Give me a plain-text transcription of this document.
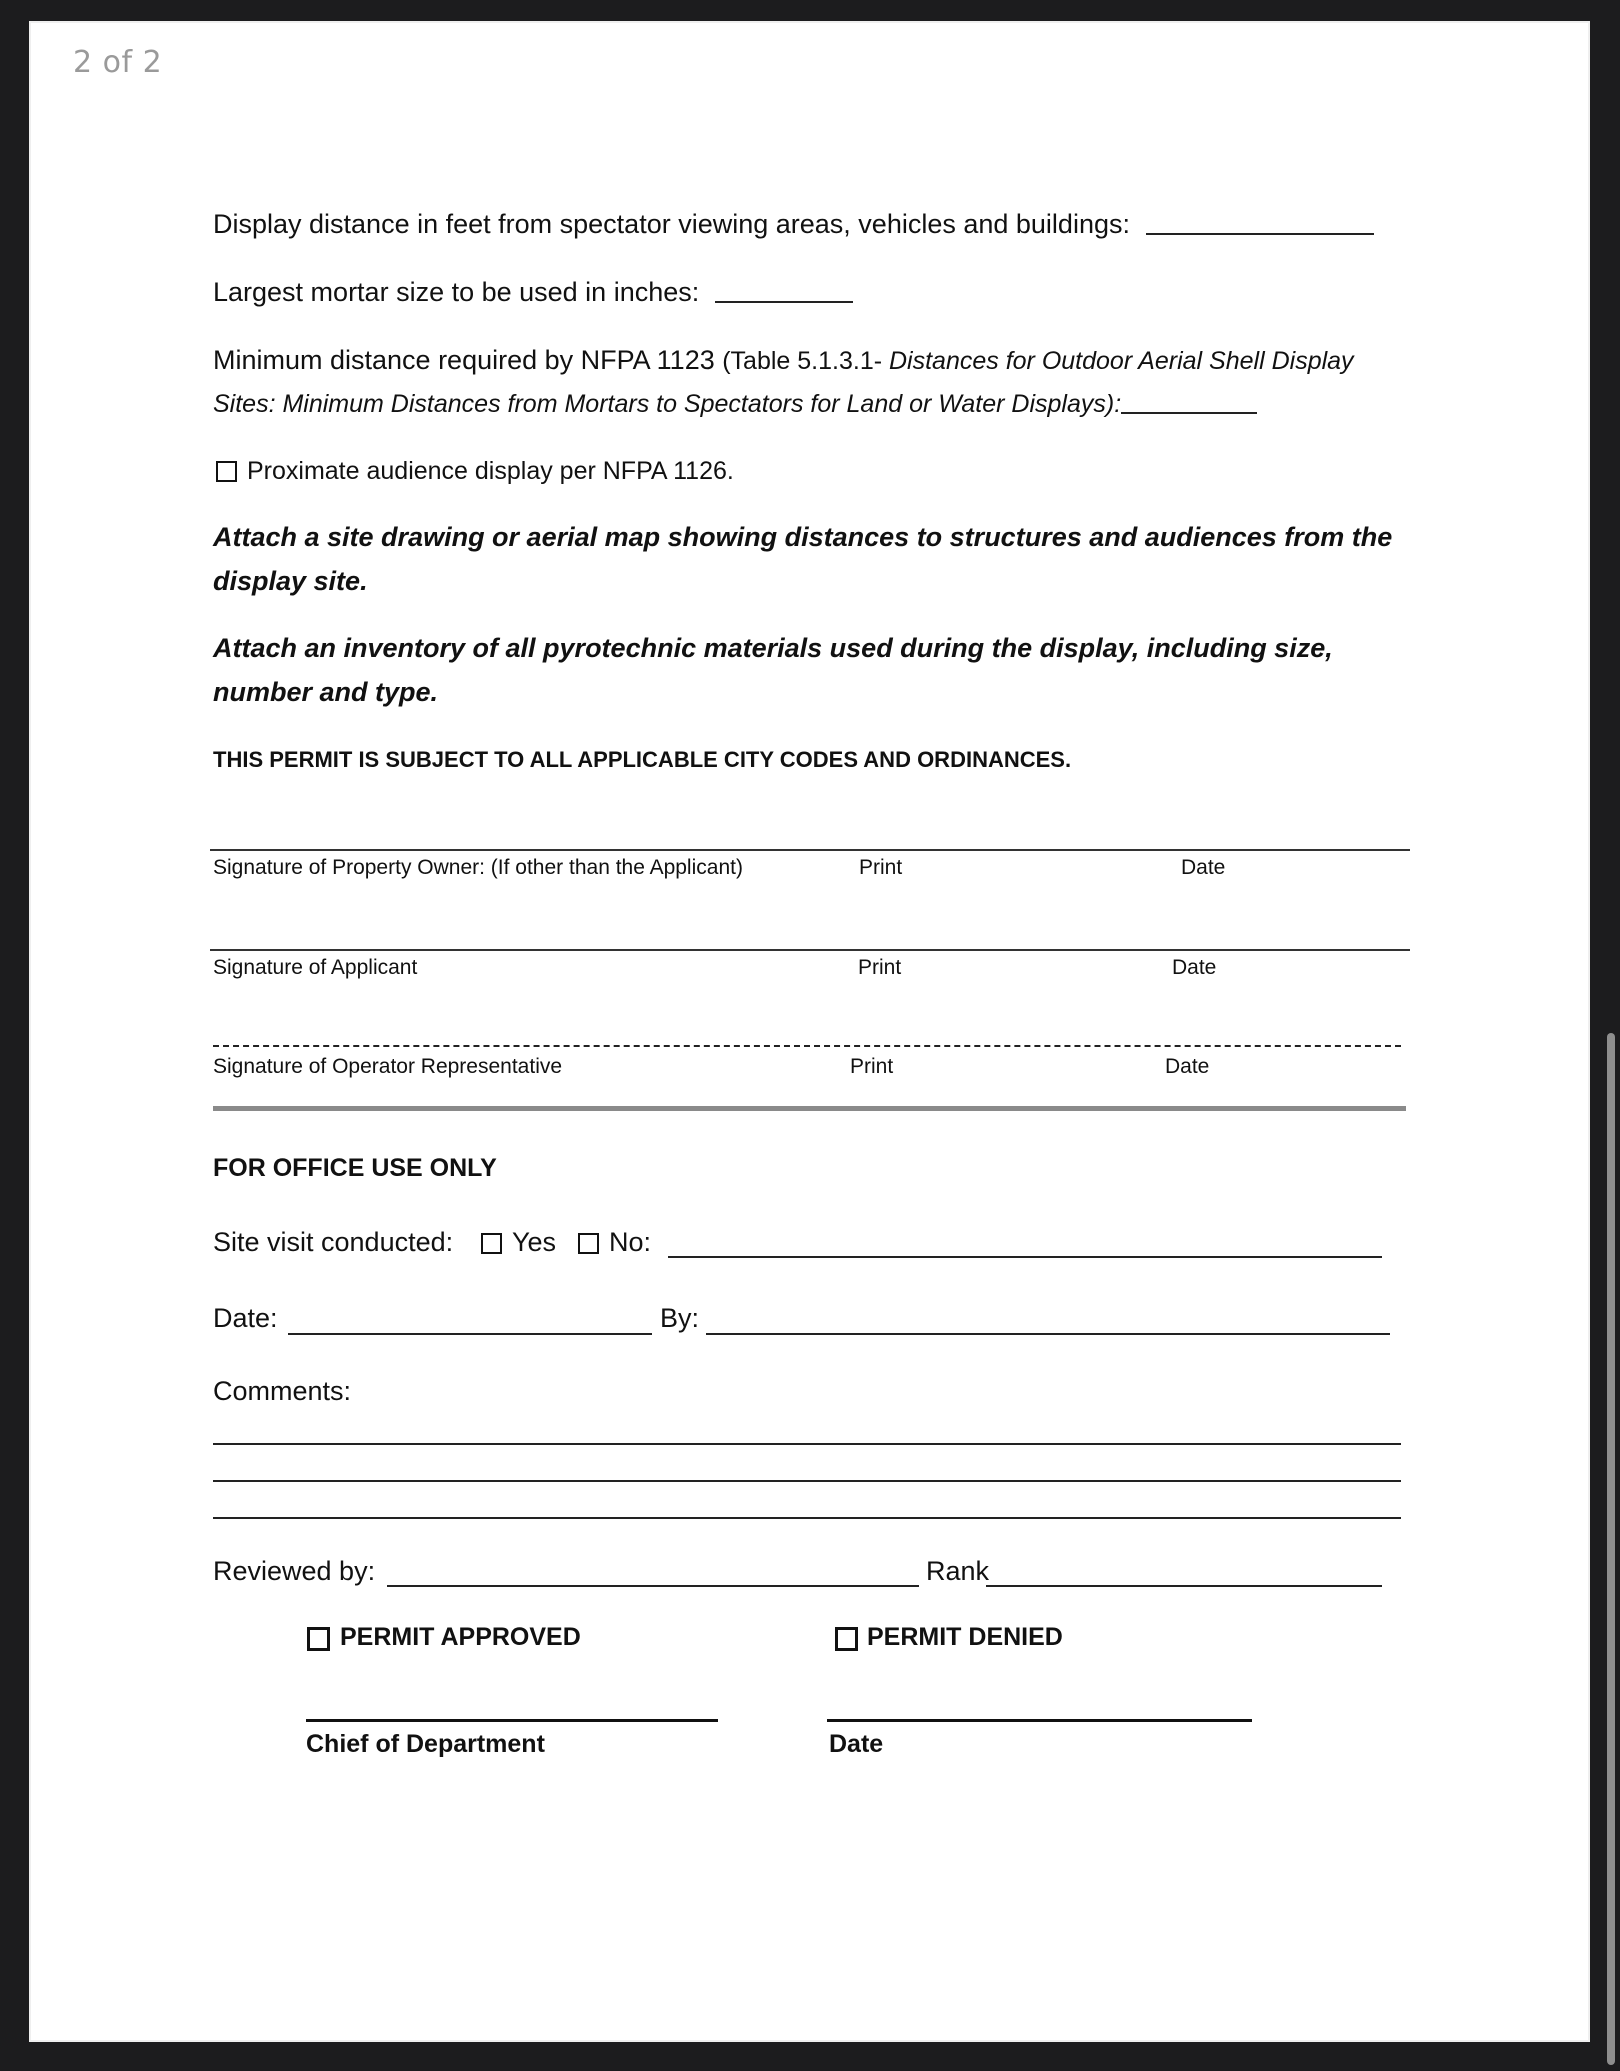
2 of 2
Display distance in feet from spectator viewing areas, vehicles and buildings:
Largest mortar size to be used in inches:
Minimum distance required by NFPA 1123 (Table 5.1.3.1- Distances for Outdoor Aerial Shell Display
Sites: Minimum Distances from Mortars to Spectators for Land or Water Displays):
Proximate audience display per NFPA 1126.
Attach a site drawing or aerial map showing distances to structures and audiences from the
display site.
Attach an inventory of all pyrotechnic materials used during the display, including size,
number and type.
THIS PERMIT IS SUBJECT TO ALL APPLICABLE CITY CODES AND ORDINANCES.
Signature of Property Owner: (If other than the Applicant)	Print	Date
Signature of Applicant	Print	Date
Signature of Operator Representative	Print	Date
FOR OFFICE USE ONLY
Site visit conducted: Yes No:
Date:	By:
Comments:
Reviewed by:	Rank
PERMIT APPROVED	PERMIT DENIED
Chief of Department	Date
